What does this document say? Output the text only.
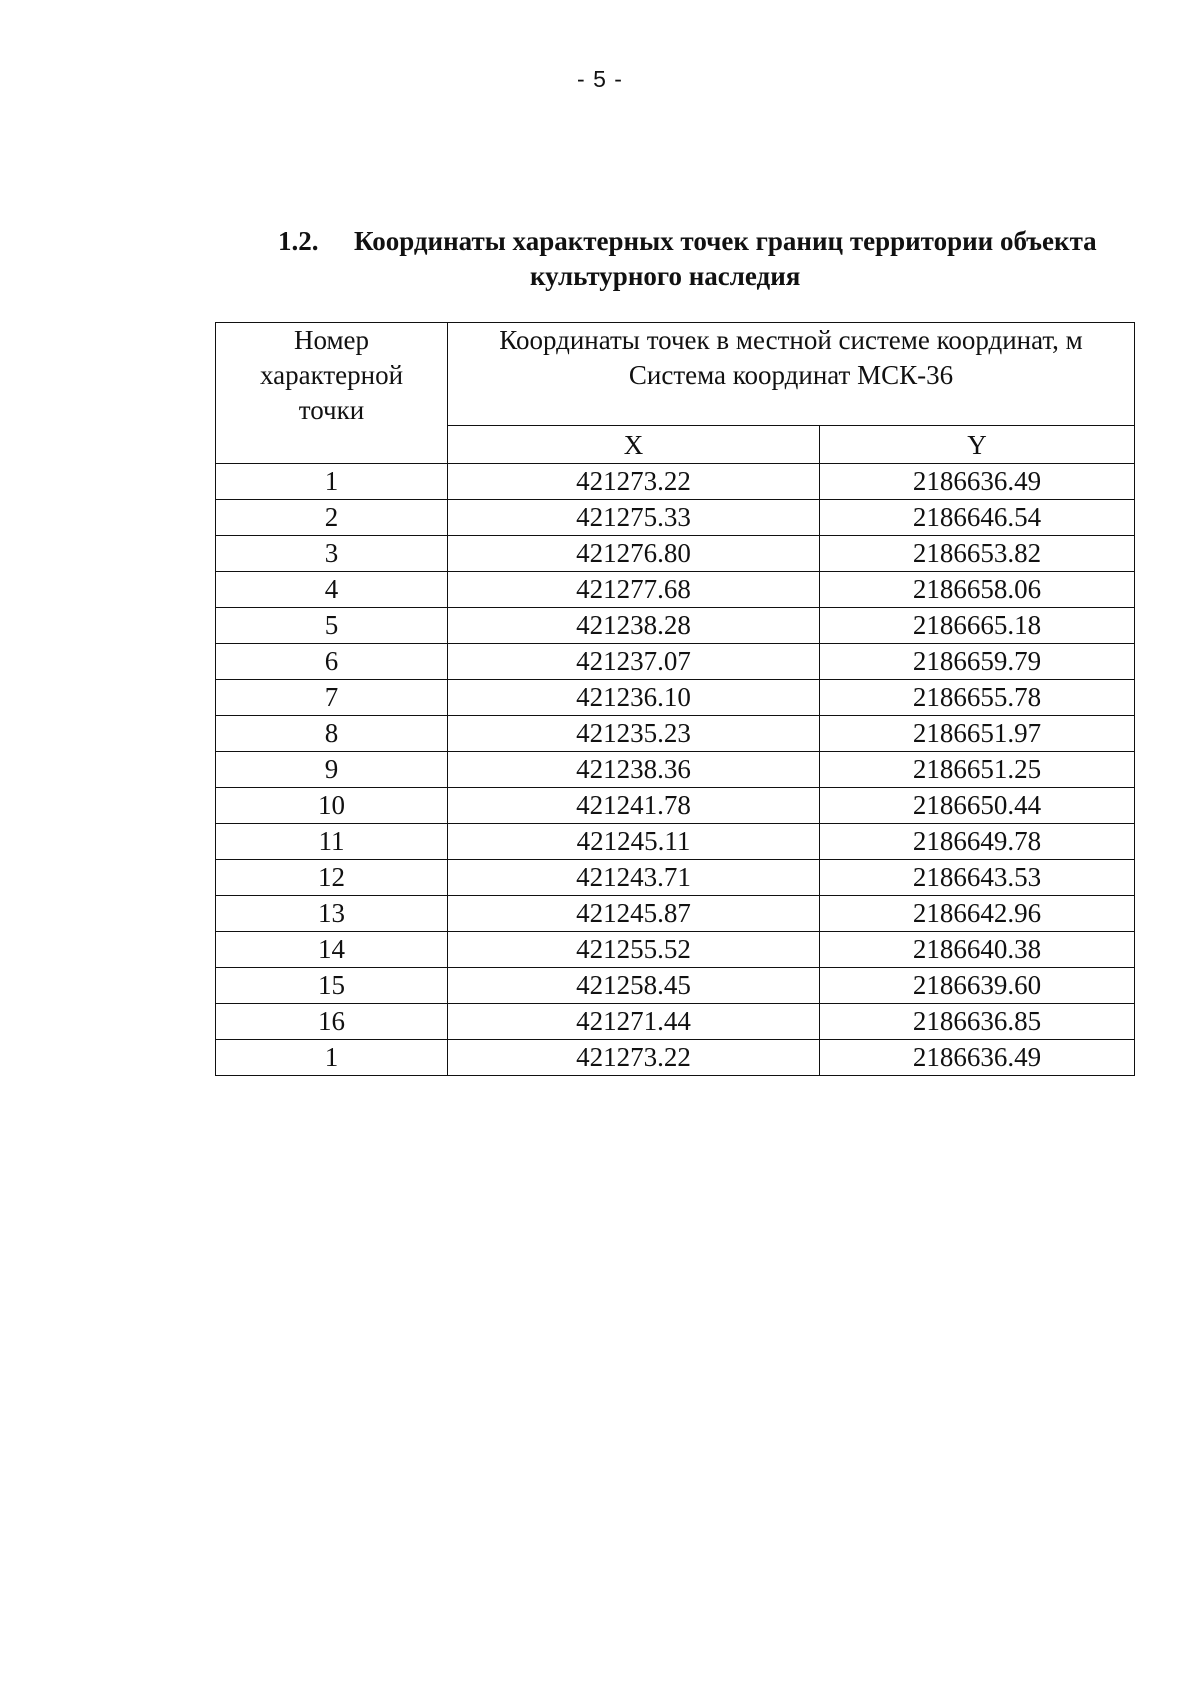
- 5 -
1.2.	Координаты характерных точек границ территории объекта
культурного наследия
Номер
характерной
точки	Координаты точек в местной системе координат, м
Система координат МСК-36	

	X	Y
1	421273.22	2186636.49
2	421275.33	2186646.54
3	421276.80	2186653.82
4	421277.68	2186658.06
5	421238.28	2186665.18
6	421237.07	2186659.79
7	421236.10	2186655.78
8	421235.23	2186651.97
9	421238.36	2186651.25
10	421241.78	2186650.44
11	421245.11	2186649.78
12	421243.71	2186643.53
13	421245.87	2186642.96
14	421255.52	2186640.38
15	421258.45	2186639.60
16	421271.44	2186636.85
1	421273.22	2186636.49
